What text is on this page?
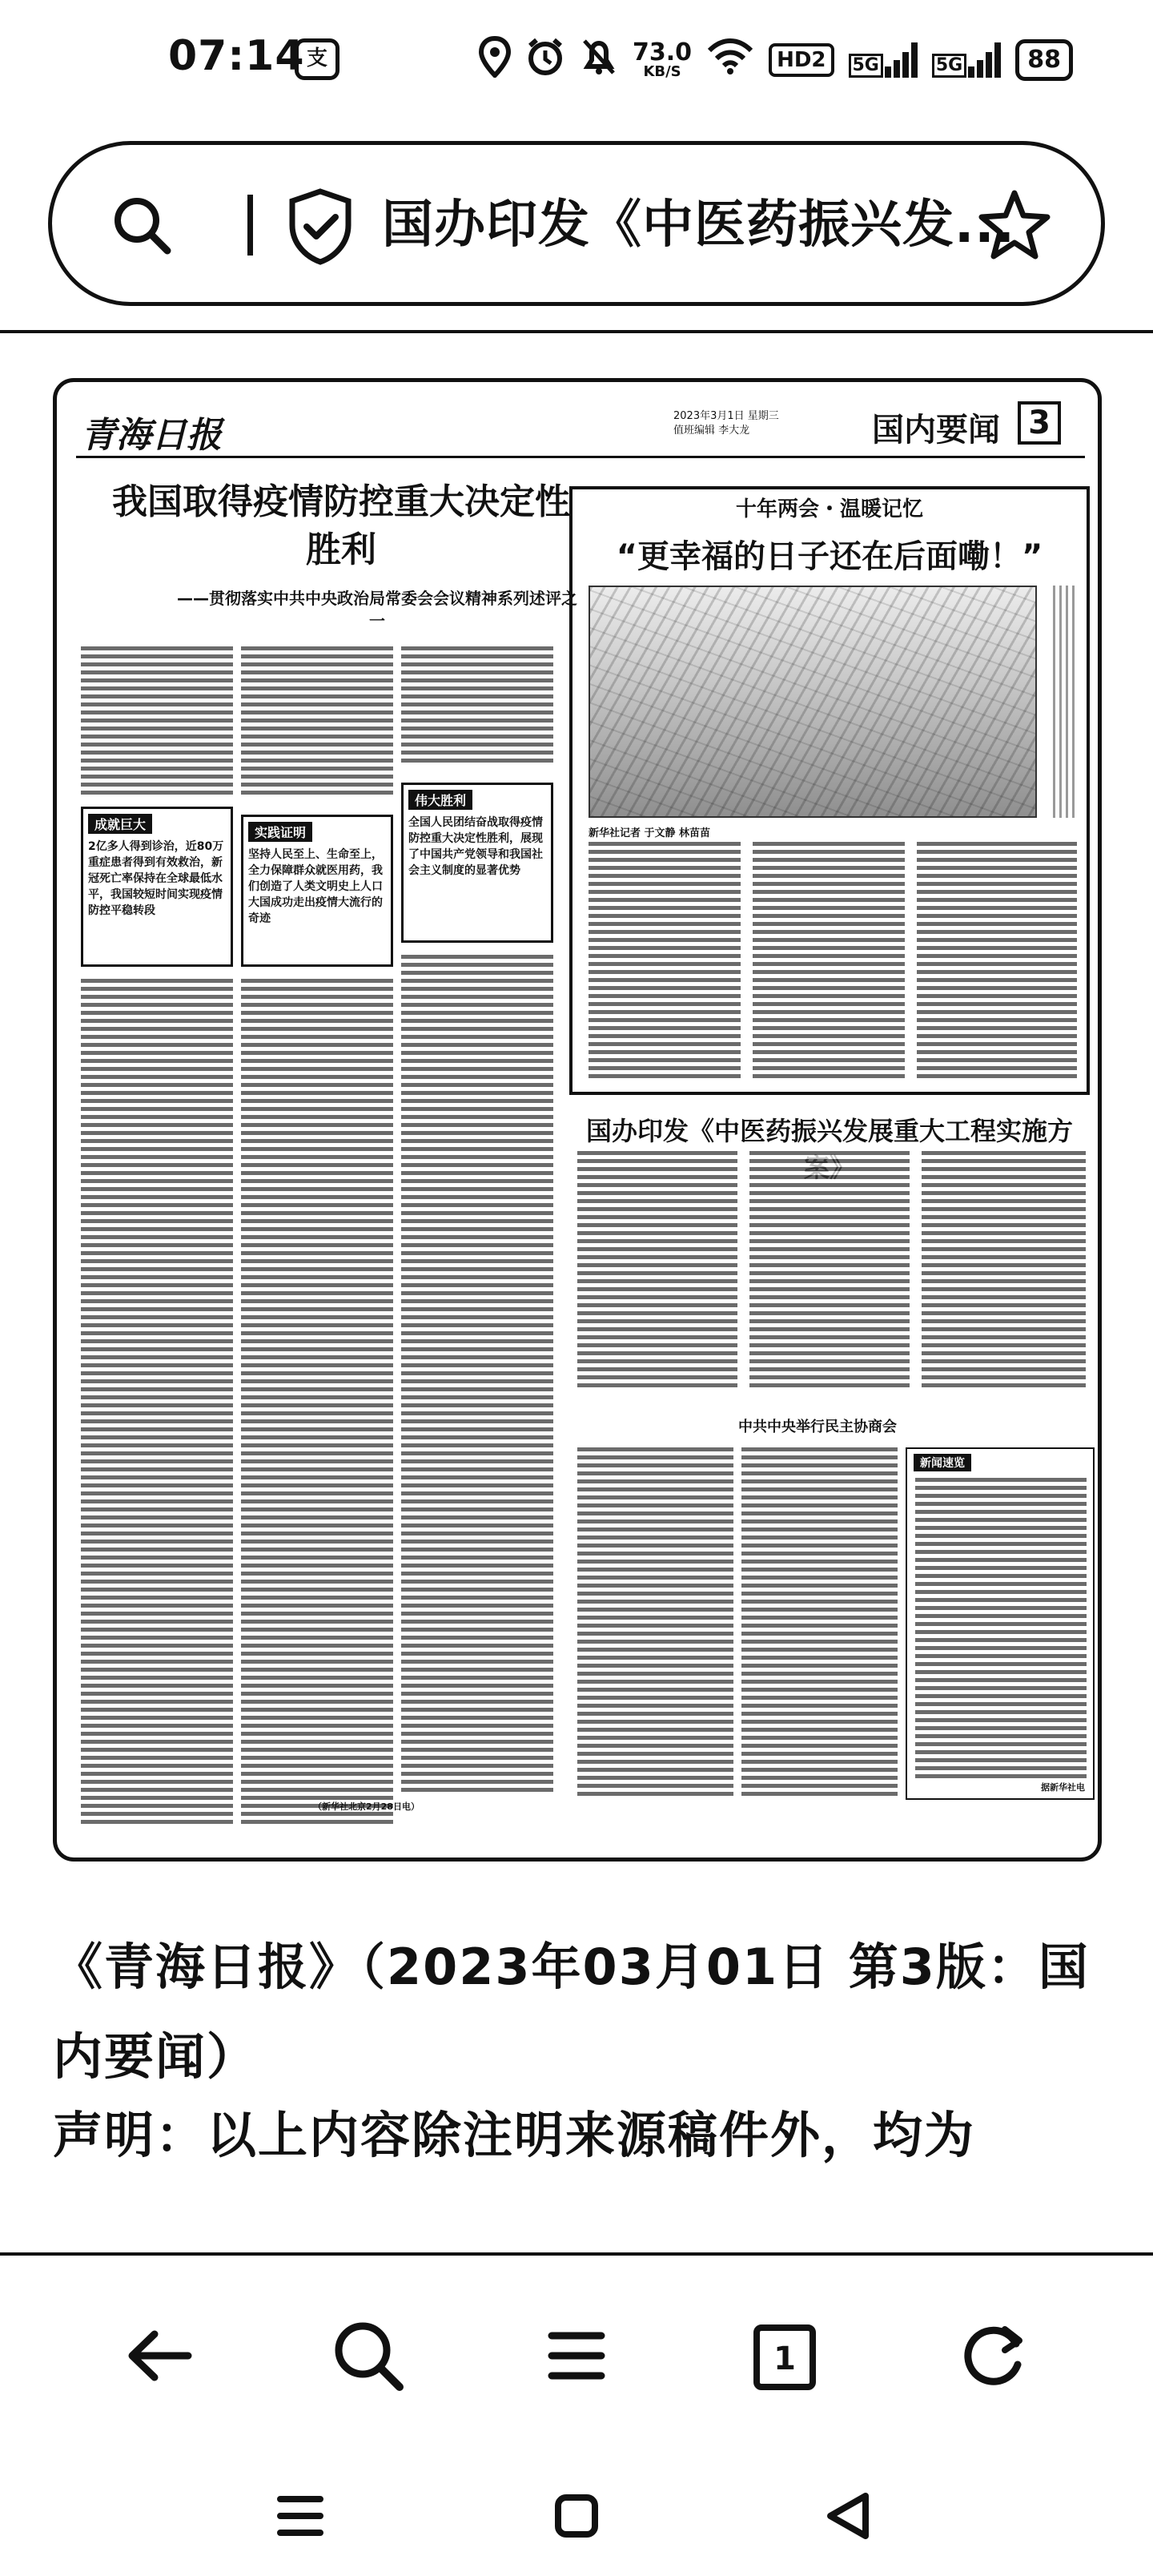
07:14 支	73.0
KB/S	HD2	5G	5G	88
国办印发《中医药振兴发...
青海日报	2023年3月1日 星期三
值班编辑 李大龙	国内要闻 3
我国取得疫情防控重大决定性胜利
——贯彻落实中共中央政治局常委会会议精神系列述评之一
成就巨大
2亿多人得到诊治，近80万重症患者得到有效救治，新冠死亡率保持在全球最低水平，我国较短时间实现疫情防控平稳转段
实践证明
坚持人民至上、生命至上，全力保障群众就医用药，我们创造了人类文明史上人口大国成功走出疫情大流行的奇迹
伟大胜利
全国人民团结奋战取得疫情防控重大决定性胜利，展现了中国共产党领导和我国社会主义制度的显著优势
（新华社北京2月28日电）
十年两会・温暖记忆
“更幸福的日子还在后面嘞！”
新华社记者 于文静 林苗苗
国办印发《中医药振兴发展重大工程实施方
中共中央举行民主协商会
新闻速览
据新华社电
《青海日报》（2023年03月01日 第3版：国内要闻）
声明：以上内容除注明来源稿件外，均为
1
